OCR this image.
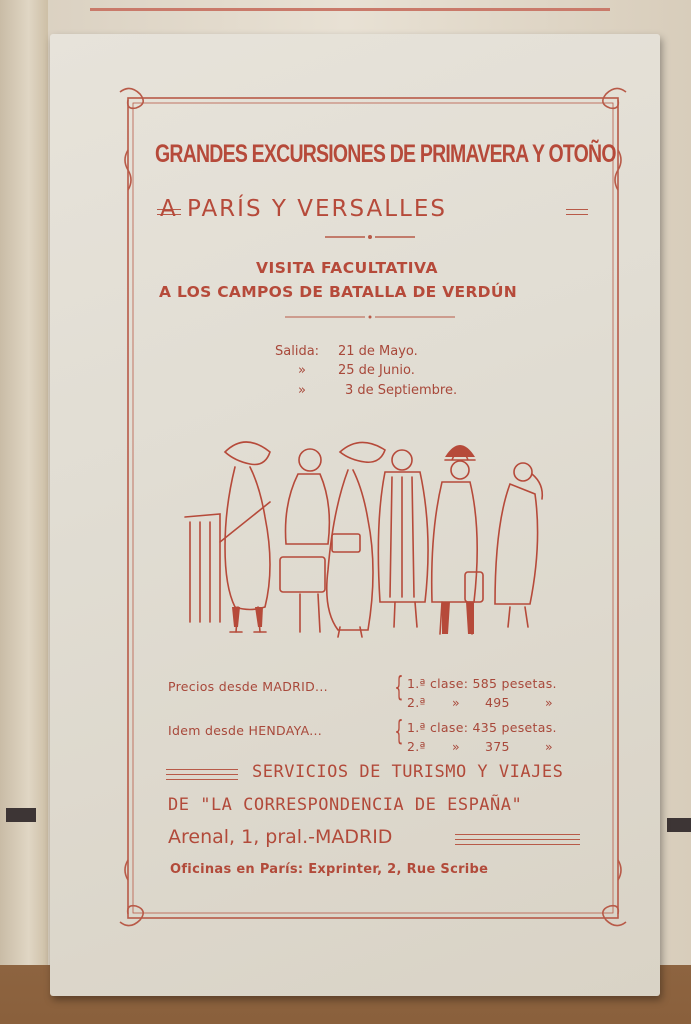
GRANDES EXCURSIONES DE PRIMAVERA Y OTOÑO
A PARÍS Y VERSALLES
VISITA FACULTATIVA
A LOS CAMPOS DE BATALLA DE VERDÚN
Salida: 21 de Mayo.
» 25 de Junio.
»	3 de Septiembre.
Precios desde MADRID... { 1.ª clase: 585 pesetas.
2.ª » 495	»
Idem desde HENDAYA...	{ 1.ª clase: 435 pesetas.
2.ª » 375	»
SERVICIOS DE TURISMO Y VIAJES
DE "LA CORRESPONDENCIA DE ESPAÑA"
Arenal, 1, pral.-MADRID
Oficinas en París: Exprinter, 2, Rue Scribe
